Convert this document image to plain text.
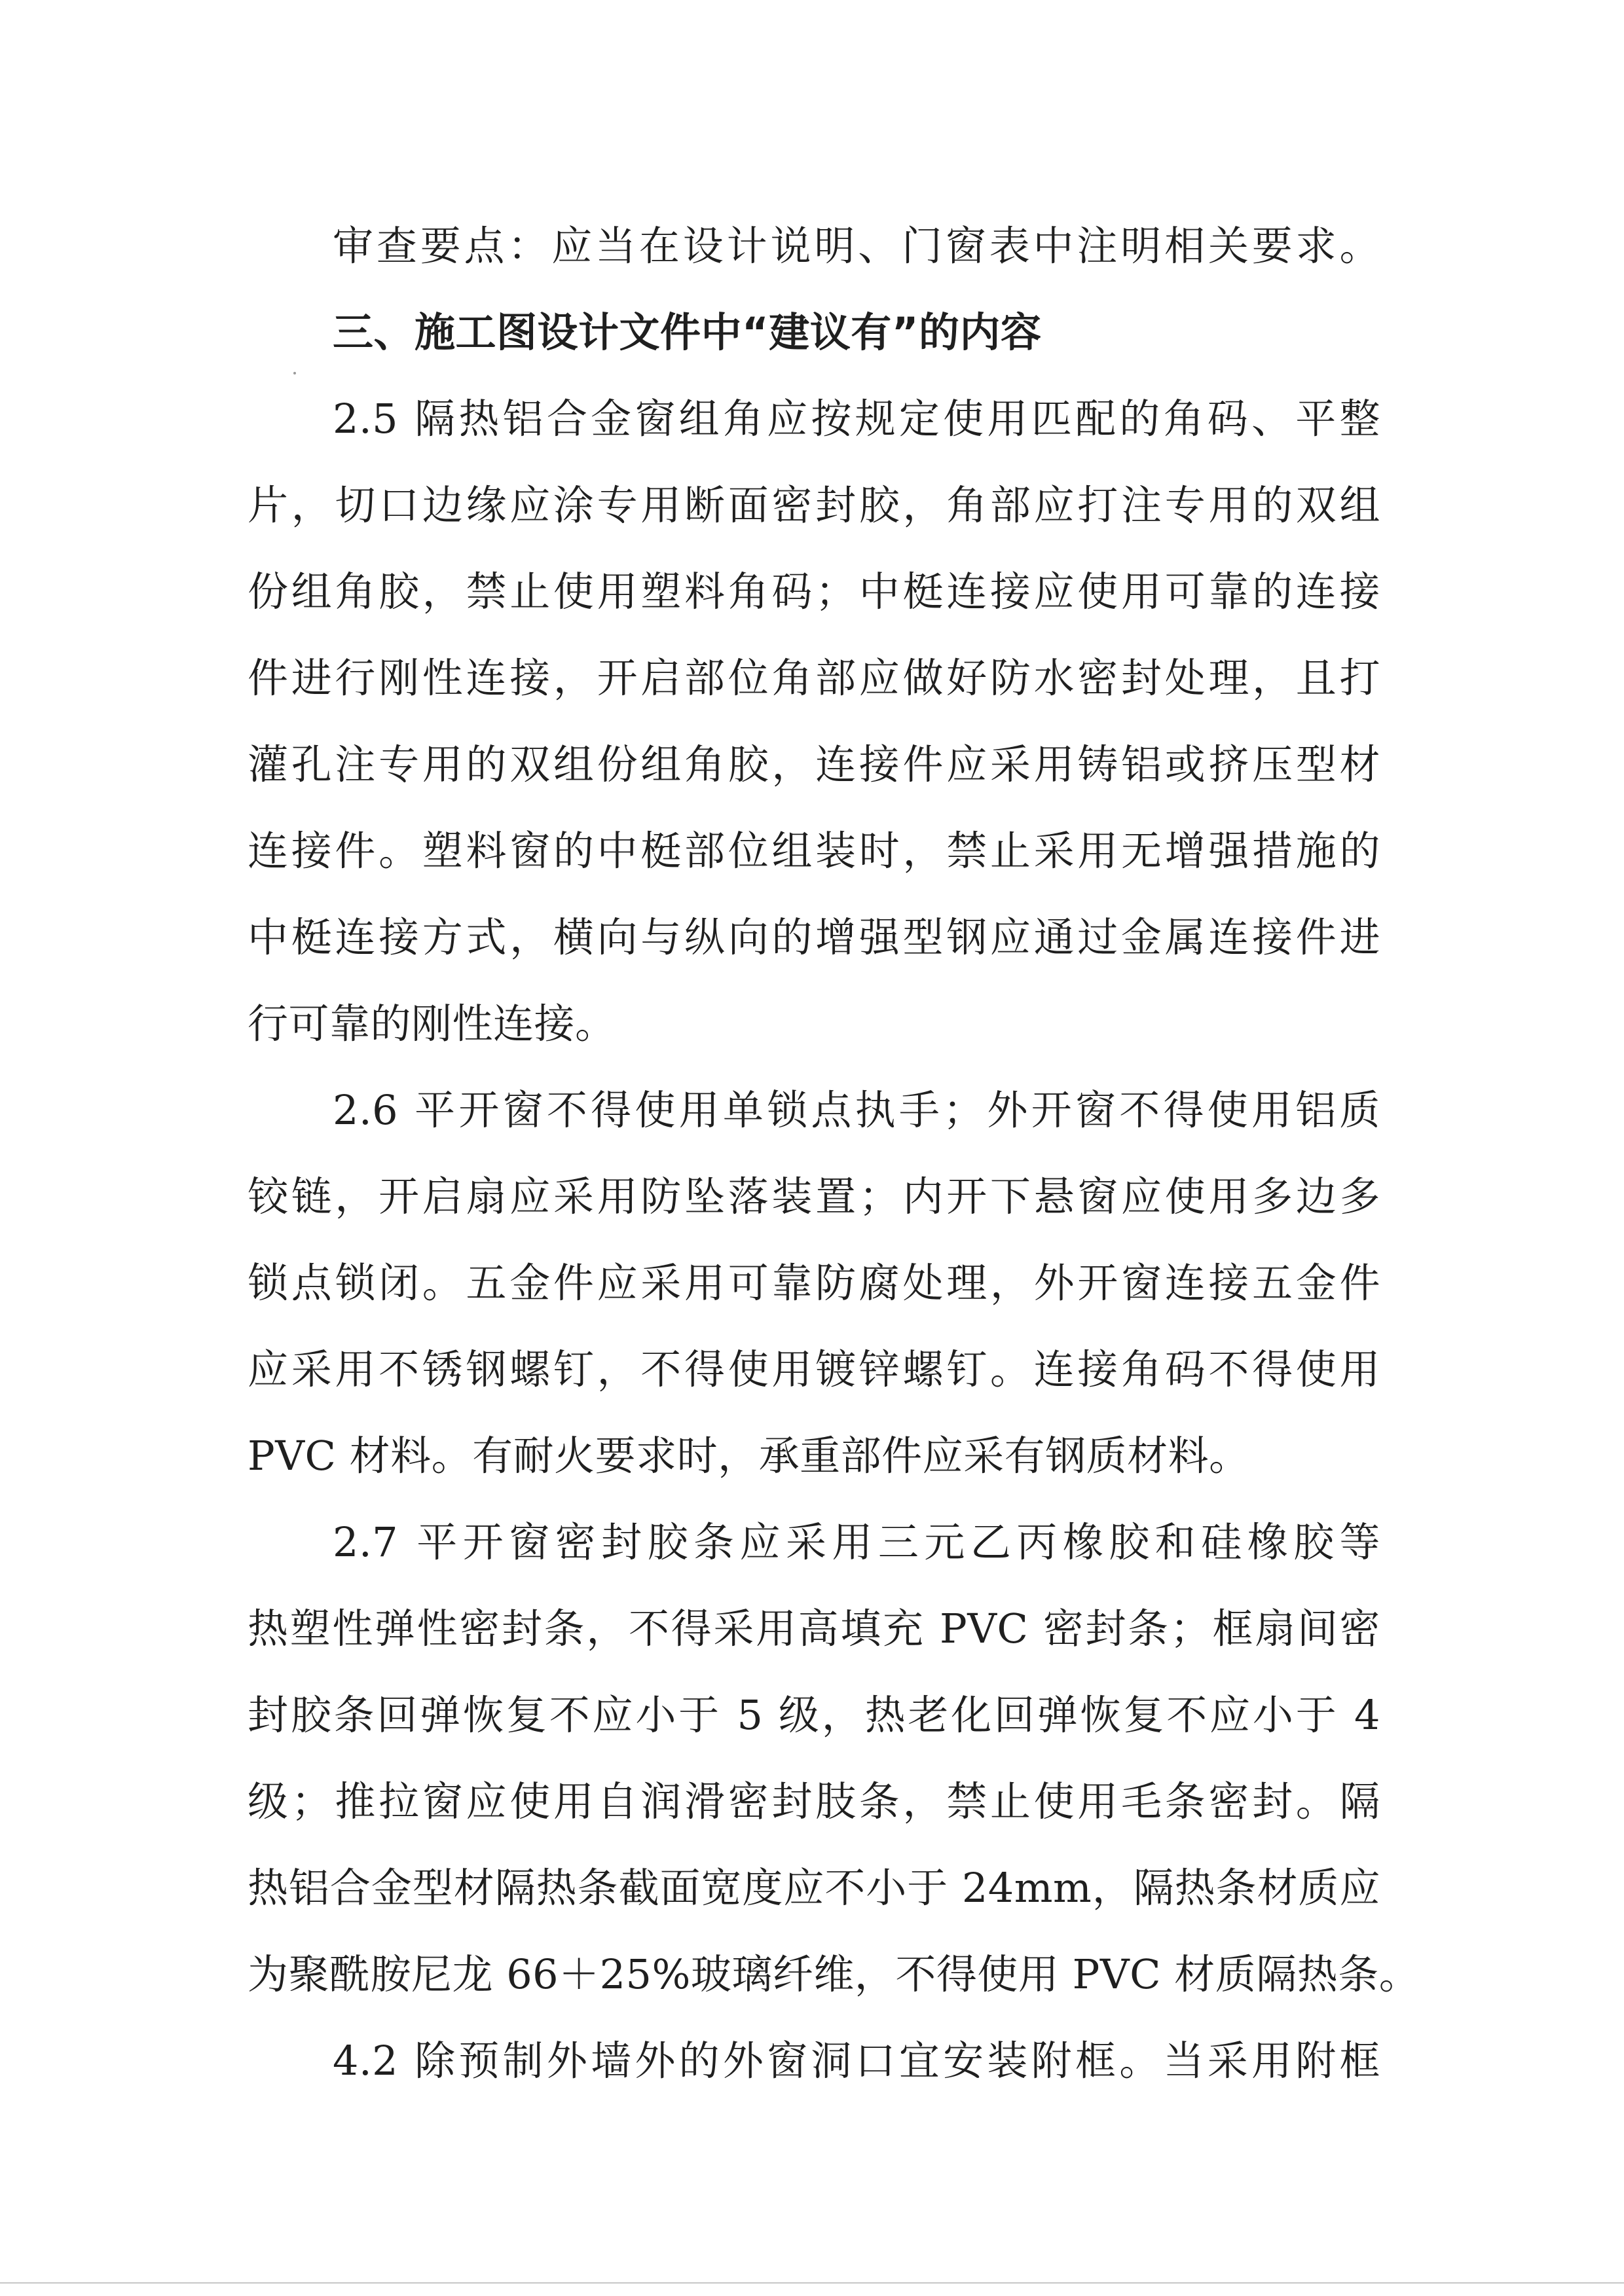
审查要点：应当在设计说明、门窗表中注明相关要求。
三、施工图设计文件中“建议有”的内容
2.5 隔热铝合金窗组角应按规定使用匹配的角码、平整
片，切口边缘应涂专用断面密封胶，角部应打注专用的双组
份组角胶，禁止使用塑料角码；中梃连接应使用可靠的连接
件进行刚性连接，开启部位角部应做好防水密封处理，且打
灌孔注专用的双组份组角胶，连接件应采用铸铝或挤压型材
连接件。塑料窗的中梃部位组装时，禁止采用无增强措施的
中梃连接方式，横向与纵向的增强型钢应通过金属连接件进
行可靠的刚性连接。
2.6 平开窗不得使用单锁点执手；外开窗不得使用铝质
铰链，开启扇应采用防坠落装置；内开下悬窗应使用多边多
锁点锁闭。五金件应采用可靠防腐处理，外开窗连接五金件
应采用不锈钢螺钉，不得使用镀锌螺钉。连接角码不得使用
PVC 材料。有耐火要求时，承重部件应采有钢质材料。
2.7 平开窗密封胶条应采用三元乙丙橡胶和硅橡胶等
热塑性弹性密封条，不得采用高填充 PVC 密封条；框扇间密
封胶条回弹恢复不应小于 5 级，热老化回弹恢复不应小于 4
级；推拉窗应使用自润滑密封肢条，禁止使用毛条密封。隔
热铝合金型材隔热条截面宽度应不小于 24mm，隔热条材质应
为聚酰胺尼龙 66＋25%玻璃纤维，不得使用 PVC 材质隔热条。
4.2 除预制外墙外的外窗洞口宜安装附框。当采用附框
